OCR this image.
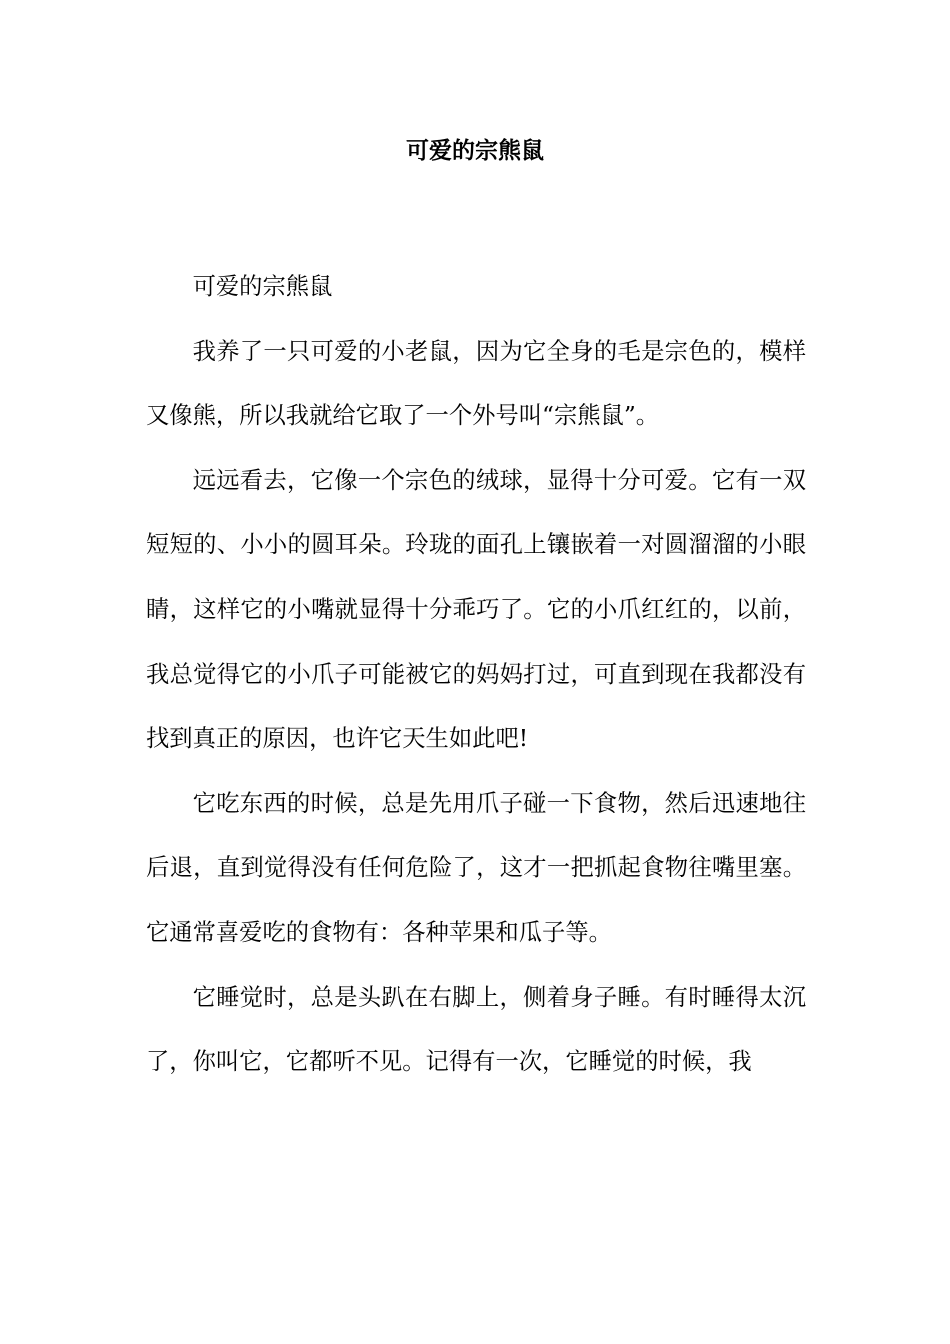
可爱的宗熊鼠

可爱的宗熊鼠

我养了一只可爱的小老鼠，因为它全身的毛是宗色的，模样又像熊，所以我就给它取了一个外号叫“宗熊鼠”。

远远看去，它像一个宗色的绒球，显得十分可爱。它有一双短短的、小小的圆耳朵。玲珑的面孔上镶嵌着一对圆溜溜的小眼睛，这样它的小嘴就显得十分乖巧了。它的小爪红红的，以前，我总觉得它的小爪子可能被它的妈妈打过，可直到现在我都没有找到真正的原因，也许它天生如此吧!

它吃东西的时候，总是先用爪子碰一下食物，然后迅速地往后退，直到觉得没有任何危险了，这才一把抓起食物往嘴里塞。它通常喜爱吃的食物有：各种苹果和瓜子等。

它睡觉时，总是头趴在右脚上，侧着身子睡。有时睡得太沉了，你叫它，它都听不见。记得有一次，它睡觉的时候，我
